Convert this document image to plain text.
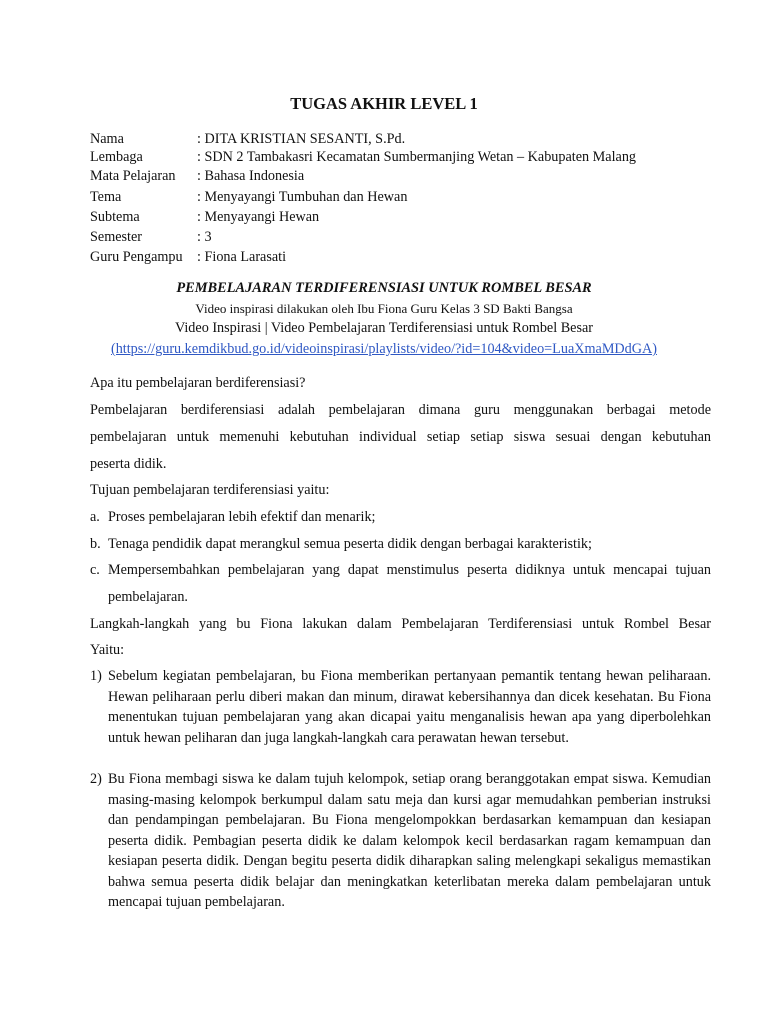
TUGAS AKHIR LEVEL 1
Nama	: DITA KRISTIAN SESANTI, S.Pd.
Lembaga	: SDN 2 Tambakasri Kecamatan Sumbermanjing Wetan – Kabupaten Malang
Mata Pelajaran	: Bahasa Indonesia
Tema	: Menyayangi Tumbuhan dan Hewan
Subtema	: Menyayangi Hewan
Semester	: 3
Guru Pengampu	: Fiona Larasati
PEMBELAJARAN TERDIFERENSIASI UNTUK ROMBEL BESAR
Video inspirasi dilakukan oleh Ibu Fiona Guru Kelas 3 SD Bakti Bangsa
Video Inspirasi | Video Pembelajaran Terdiferensiasi untuk Rombel Besar
(https://guru.kemdikbud.go.id/videoinspirasi/playlists/video/?id=104&video=LuaXmaMDdGA)
Apa itu pembelajaran berdiferensiasi?
Pembelajaran berdiferensiasi adalah pembelajaran dimana guru menggunakan berbagai metode
pembelajaran untuk memenuhi kebutuhan individual setiap setiap siswa sesuai dengan kebutuhan
peserta didik.
Tujuan pembelajaran terdiferensiasi yaitu:
a. Proses pembelajaran lebih efektif dan menarik;
b. Tenaga pendidik dapat merangkul semua peserta didik dengan berbagai karakteristik;
c. Mempersembahkan pembelajaran yang dapat menstimulus peserta didiknya untuk mencapai tujuan
pembelajaran.
Langkah-langkah yang bu Fiona lakukan dalam Pembelajaran Terdiferensiasi untuk Rombel Besar
Yaitu:
1) Sebelum kegiatan pembelajaran, bu Fiona memberikan pertanyaan pemantik tentang hewan peliharaan. Hewan peliharaan perlu diberi makan dan minum, dirawat kebersihannya dan dicek kesehatan. Bu Fiona menentukan tujuan pembelajaran yang akan dicapai yaitu menganalisis hewan apa yang diperbolehkan untuk hewan peliharan dan juga langkah-langkah cara perawatan hewan tersebut.
2) Bu Fiona membagi siswa ke dalam tujuh kelompok, setiap orang beranggotakan empat siswa. Kemudian masing-masing kelompok berkumpul dalam satu meja dan kursi agar memudahkan pemberian instruksi dan pendampingan pembelajaran. Bu Fiona mengelompokkan berdasarkan kemampuan dan kesiapan peserta didik. Pembagian peserta didik ke dalam kelompok kecil berdasarkan ragam kemampuan dan kesiapan peserta didik. Dengan begitu peserta didik diharapkan saling melengkapi sekaligus memastikan bahwa semua peserta didik belajar dan meningkatkan keterlibatan mereka dalam pembelajaran untuk mencapai tujuan pembelajaran.
